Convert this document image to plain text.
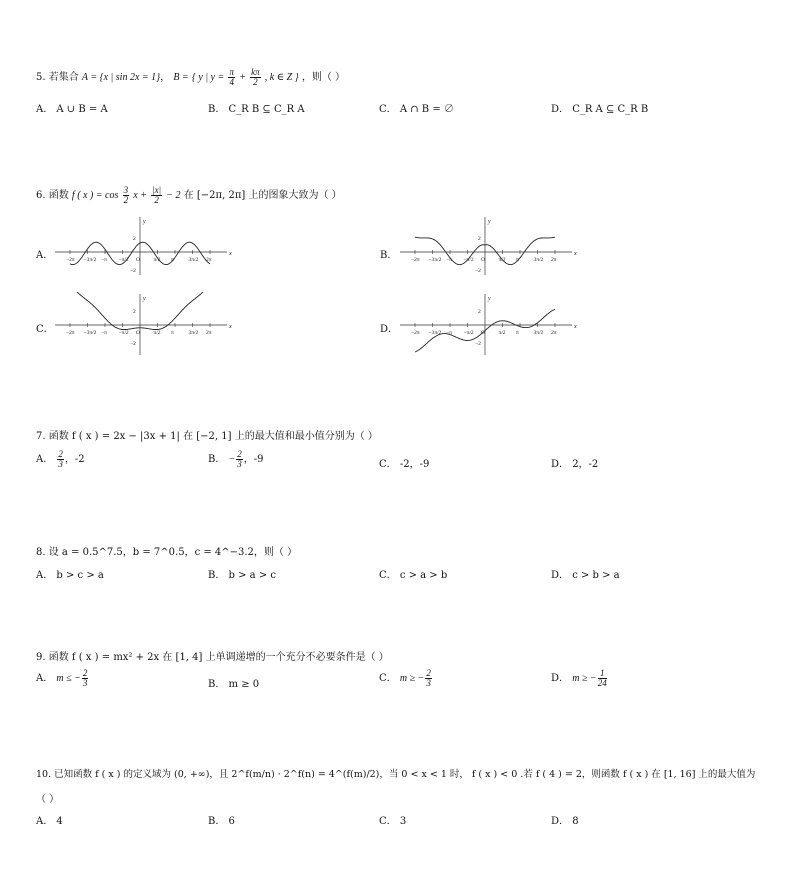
5. 若集合 A = {x | sin 2x = 1}， B = { y | $y = \frac{\pi}{4} + \frac{k\pi}{2}$ , k ∈ Z } ，则（ ）
A． A ∪ B = A	B． C_R B ⊆ C_R A	C． A ∩ B = ∅	D． C_R A ⊆ C_R B
6. 函数 f ( x ) = $\cos \frac{3}{2}$ $x + \frac{|x|}{2} - 2$ 在 [−2π, 2π] 上的图象大致为（ ）
A．	B．
C．	D．
−2π −3π/2 −π −π/2 O π/2 π	3π/2 2π
x
y
2
−2
−2π −3π/2 −π −π/2 O π/2 π	3π/2 2π
x
y
2
−2
−2π −3π/2 −π −π/2 O π/2 π	3π/2 2π
x
y
2
−2
−2π −3π/2 −π −π/2 O π/2 π	3π/2 2π
x
y
2
−2
7. 函数 f ( x ) = 2x − |3x + 1| 在 [−2, 1] 上的最大值和最小值分别为（ ）
A． $\frac{2}{3}$ ，-2	B． − $\frac{2}{3}$ ，-9	C． -2，-9	D． 2，-2
8. 设 a = 0.5^7.5，b = 7^0.5，c = 4^−3.2，则（ ）
A． b > c > a	B． b > a > c	C． c > a > b	D． c > b > a
9. 函数 f ( x ) = mx² + 2x 在 [1, 4] 上单调递增的一个充分不必要条件是（ ）
A． m ≤ − $\frac{2}{3}$	B． m ≥ 0
C． m ≥ − $\frac{2}{3}$	D． m ≥ − $\frac{1}{24}$
10. 已知函数 f ( x ) 的定义域为 (0, +∞)，且 2^f(m/n) · 2^f(n) = 4^(f(m)/2)，当 0 < x < 1 时， f ( x ) < 0 .若 f ( 4 ) = 2，则函数 f ( x ) 在 [1, 16] 上的最大值为
（ ）
A． 4	B． 6	C． 3	D． 8
